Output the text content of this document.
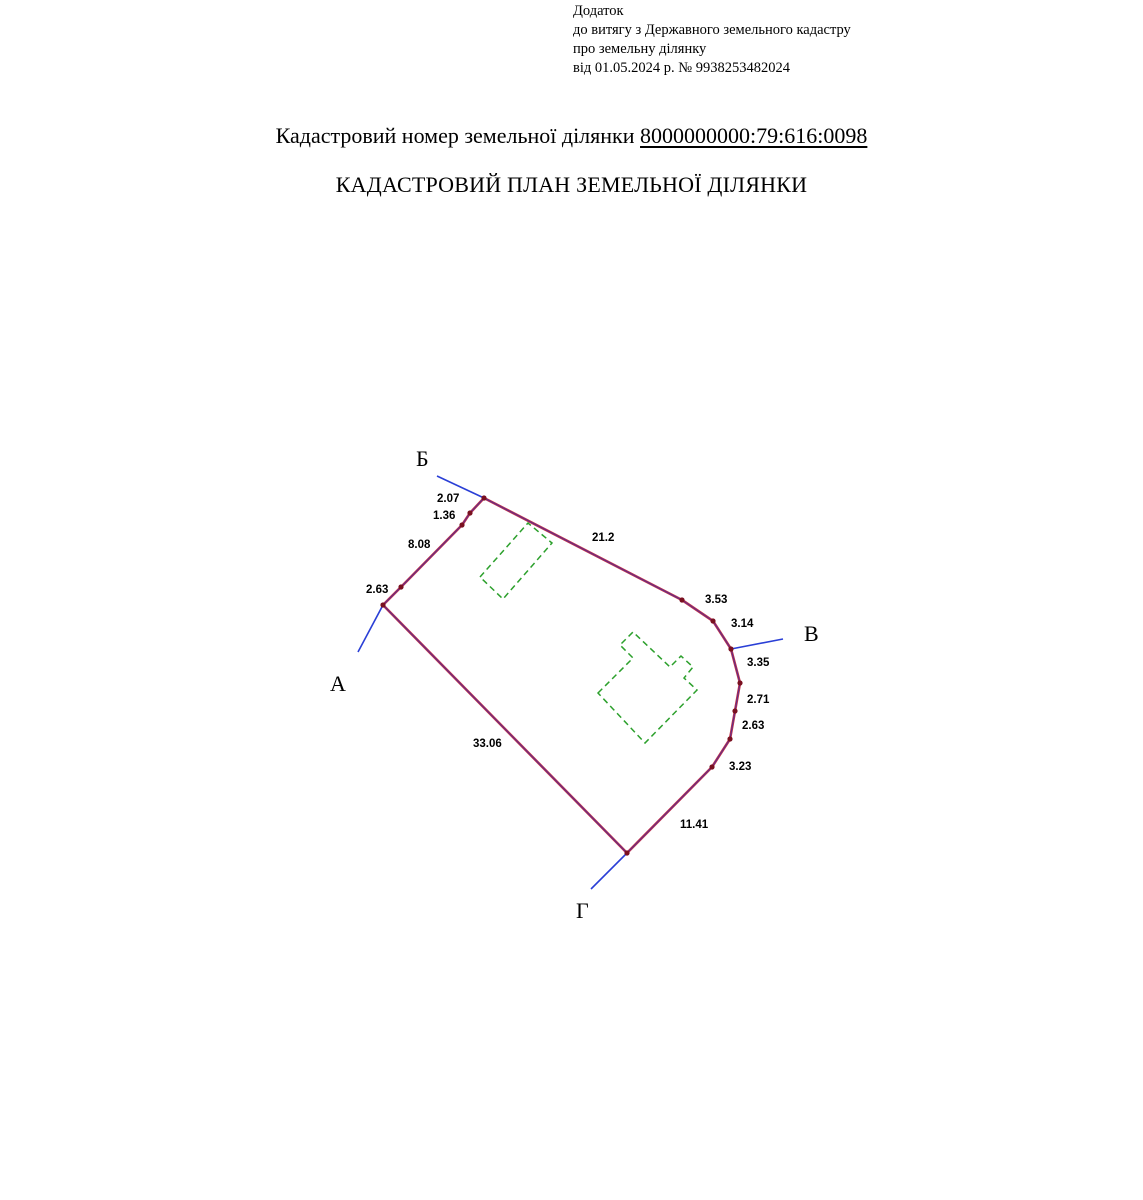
Додаток
до витягу з Державного земельного кадастру
про земельну ділянку
від 01.05.2024 р. № 9938253482024
Кадастровий номер земельної ділянки 8000000000:79:616:0098
КАДАСТРОВИЙ ПЛАН ЗЕМЕЛЬНОЇ ДІЛЯНКИ
Б
А
В
Г
2.07
1.36
8.08
2.63
21.2
3.53
3.14
3.35
2.71
2.63
3.23
11.41
33.06
